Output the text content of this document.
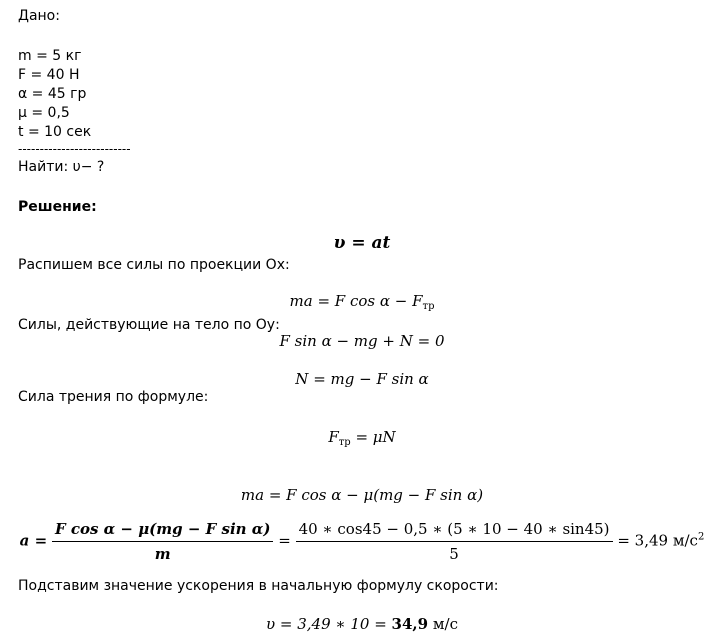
Дано:
m = 5 кг
F = 40 Н
α = 45 гр
μ = 0,5
t = 10 сек
--------------------------
Найти: υ− ?
Решение:
υ = at
Распишем все силы по проекции Ох:
ma = F $\cos \alpha - F_{тр}$
Силы, действующие на тело по Оу:
F sin α − mg + N = 0
N = mg − F sin α
Сила трения по формуле:
$F_{тр} = \mu N$
ma = F cos α − μ(mg − F sin α)
$a = \frac{\text{F cos α − μ(mg − F sin α)}}{m} = \frac{40 ∗ \cos 45 - 0,5 ∗ (5 ∗ 10 - 40 ∗ \sin 45)}{5} = 3,49$ $м/с^2$
Подставим значение ускорения в начальную формулу скорости:
υ = 3,49 ∗ 10 = 34,9 м/с
